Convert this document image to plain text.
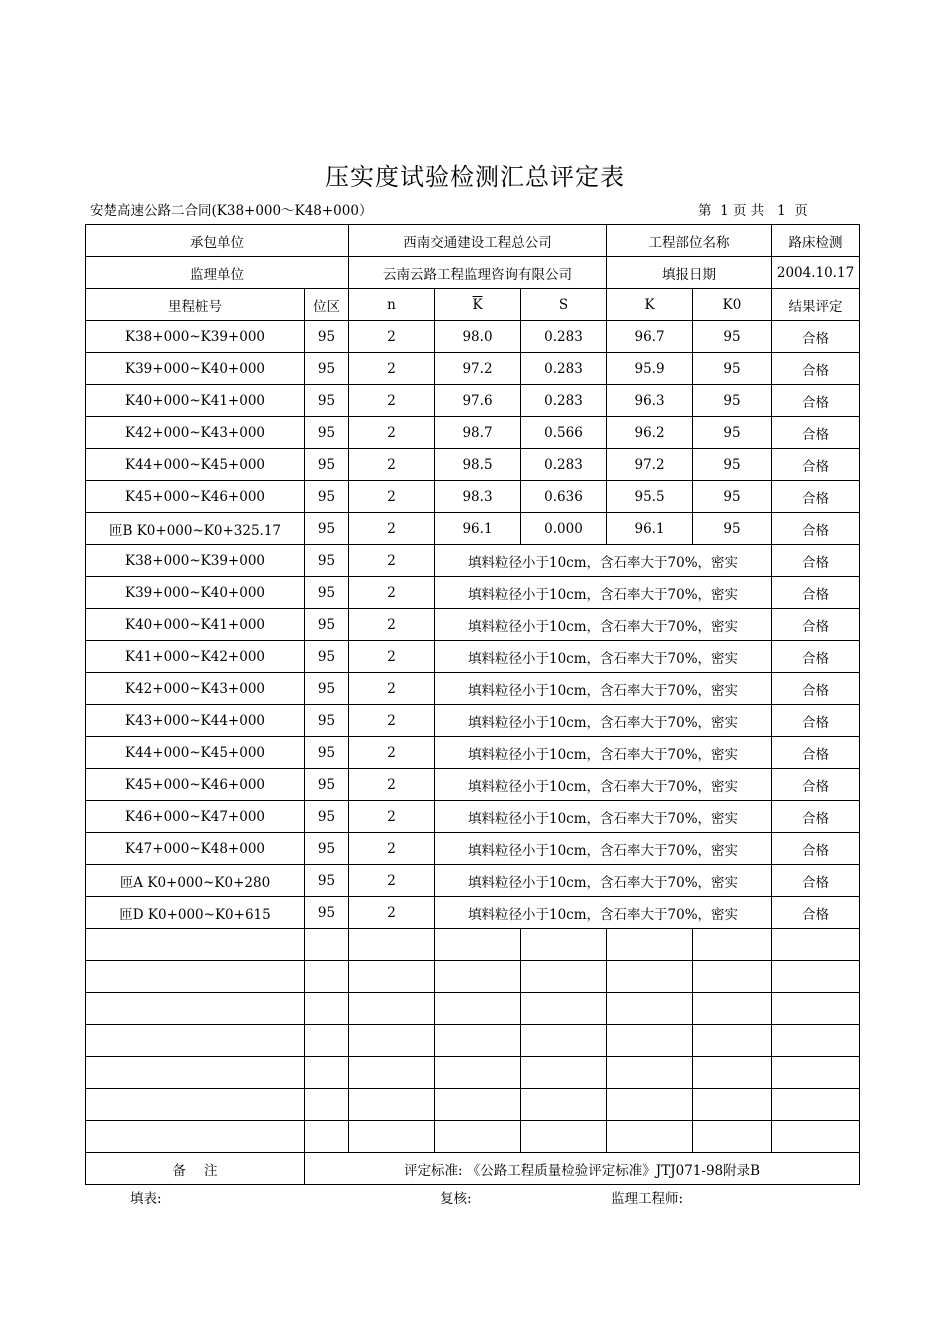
压实度试验检测汇总评定表
安楚高速公路二合同(K38+000～K48+000）	第  1 页 共   1  页
承包单位		西南交通建设工程总公司			工程部位名称		路床检测
监理单位		云南云路工程监理咨询有限公司			填报日期		2004.10.17
里程桩号	位区	n	$\overline{K}$	S	K	K0	结果评定
K38+000~K39+000	95	2	98.0	0.283	96.7	95	合格
K39+000~K40+000	95	2	97.2	0.283	95.9	95	合格
K40+000~K41+000	95	2	97.6	0.283	96.3	95	合格
K42+000~K43+000	95	2	98.7	0.566	96.2	95	合格
K44+000~K45+000	95	2	98.5	0.283	97.2	95	合格
K45+000~K46+000	95	2	98.3	0.636	95.5	95	合格
匝B K0+000~K0+325.17	95	2	96.1	0.000	96.1	95	合格
K38+000~K39+000	95	2	填料粒径小于10cm，含石率大于70%，密实				合格
K39+000~K40+000	95	2	填料粒径小于10cm，含石率大于70%，密实				合格
K40+000~K41+000	95	2	填料粒径小于10cm，含石率大于70%，密实				合格
K41+000~K42+000	95	2	填料粒径小于10cm，含石率大于70%，密实				合格
K42+000~K43+000	95	2	填料粒径小于10cm，含石率大于70%，密实				合格
K43+000~K44+000	95	2	填料粒径小于10cm，含石率大于70%，密实				合格
K44+000~K45+000	95	2	填料粒径小于10cm，含石率大于70%，密实				合格
K45+000~K46+000	95	2	填料粒径小于10cm，含石率大于70%，密实				合格
K46+000~K47+000	95	2	填料粒径小于10cm，含石率大于70%，密实				合格
K47+000~K48+000	95	2	填料粒径小于10cm，含石率大于70%，密实				合格
匝A K0+000~K0+280	95	2	填料粒径小于10cm，含石率大于70%，密实				合格
匝D K0+000~K0+615	95	2	填料粒径小于10cm，含石率大于70%，密实				合格

备注	评定标准: 《公路工程质量检验评定标准》JTJ071-98附录B						
填表:	复核:	监理工程师:
